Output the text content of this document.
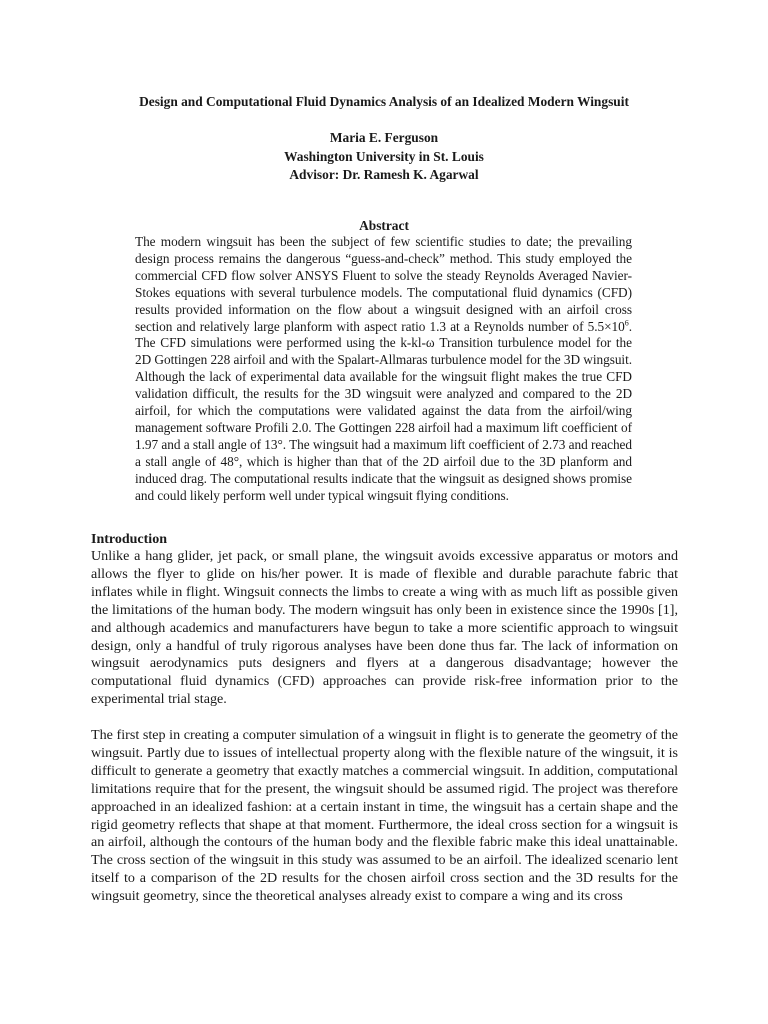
Design and Computational Fluid Dynamics Analysis of an Idealized Modern Wingsuit
Maria E. Ferguson
Washington University in St. Louis
Advisor: Dr. Ramesh K. Agarwal
Abstract

The modern wingsuit has been the subject of few scientific studies to date; the prevailing design process remains the dangerous “guess-and-check” method. This study employed the commercial CFD flow solver ANSYS Fluent to solve the steady Reynolds Averaged Navier-Stokes equations with several turbulence models. The computational fluid dynamics (CFD) results provided information on the flow about a wingsuit designed with an airfoil cross section and relatively large planform with aspect ratio 1.3 at a Reynolds number of $5.5\times 10^6$. The CFD simulations were performed using the k-kl-ω Transition turbulence model for the 2D Gottingen 228 airfoil and with the Spalart-Allmaras turbulence model for the 3D wingsuit. Although the lack of experimental data available for the wingsuit flight makes the true CFD validation difficult, the results for the 3D wingsuit were analyzed and compared to the 2D airfoil, for which the computations were validated against the data from the airfoil/wing management software Profili 2.0. The Gottingen 228 airfoil had a maximum lift coefficient of 1.97 and a stall angle of 13°. The wingsuit had a maximum lift coefficient of 2.73 and reached a stall angle of 48°, which is higher than that of the 2D airfoil due to the 3D planform and induced drag. The computational results indicate that the wingsuit as designed shows promise and could likely perform well under typical wingsuit flying conditions.

Introduction

Unlike a hang glider, jet pack, or small plane, the wingsuit avoids excessive apparatus or motors and allows the flyer to glide on his/her power. It is made of flexible and durable parachute fabric that inflates while in flight. Wingsuit connects the limbs to create a wing with as much lift as possible given the limitations of the human body. The modern wingsuit has only been in existence since the 1990s [1], and although academics and manufacturers have begun to take a more scientific approach to wingsuit design, only a handful of truly rigorous analyses have been done thus far. The lack of information on wingsuit aerodynamics puts designers and flyers at a dangerous disadvantage; however the computational fluid dynamics (CFD) approaches can provide risk-free information prior to the experimental trial stage.

The first step in creating a computer simulation of a wingsuit in flight is to generate the geometry of the wingsuit. Partly due to issues of intellectual property along with the flexible nature of the wingsuit, it is difficult to generate a geometry that exactly matches a commercial wingsuit. In addition, computational limitations require that for the present, the wingsuit should be assumed rigid. The project was therefore approached in an idealized fashion: at a certain instant in time, the wingsuit has a certain shape and the rigid geometry reflects that shape at that moment. Furthermore, the ideal cross section for a wingsuit is an airfoil, although the contours of the human body and the flexible fabric make this ideal unattainable. The cross section of the wingsuit in this study was assumed to be an airfoil. The idealized scenario lent itself to a comparison of the 2D results for the chosen airfoil cross section and the 3D results for the wingsuit geometry, since the theoretical analyses already exist to compare a wing and its cross
